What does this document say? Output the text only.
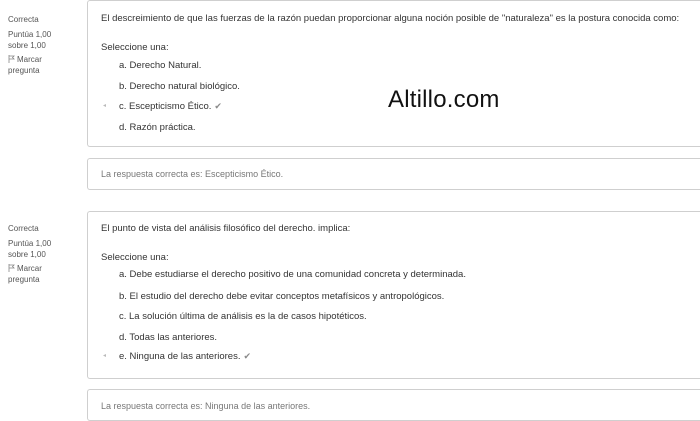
Correcta
Puntúa 1,00
sobre 1,00
Marcar
pregunta
El descreimiento de que las fuerzas de la razón puedan proporcionar alguna noción posible de "naturaleza" es la postura conocida como:
Seleccione una:
a. Derecho Natural.
b. Derecho natural biológico.
◂ c. Escepticismo Ético. ✔
d. Razón práctica.
La respuesta correcta es: Escepticismo Ético.
Correcta
Puntúa 1,00
sobre 1,00
Marcar
pregunta
El punto de vista del análisis filosófico del derecho. implica:
Seleccione una:
a. Debe estudiarse el derecho positivo de una comunidad concreta y determinada.
b. El estudio del derecho debe evitar conceptos metafísicos y antropológicos.
c. La solución última de análisis es la de casos hipotéticos.
d. Todas las anteriores.
◂ e. Ninguna de las anteriores. ✔
La respuesta correcta es: Ninguna de las anteriores.
Altillo.com
